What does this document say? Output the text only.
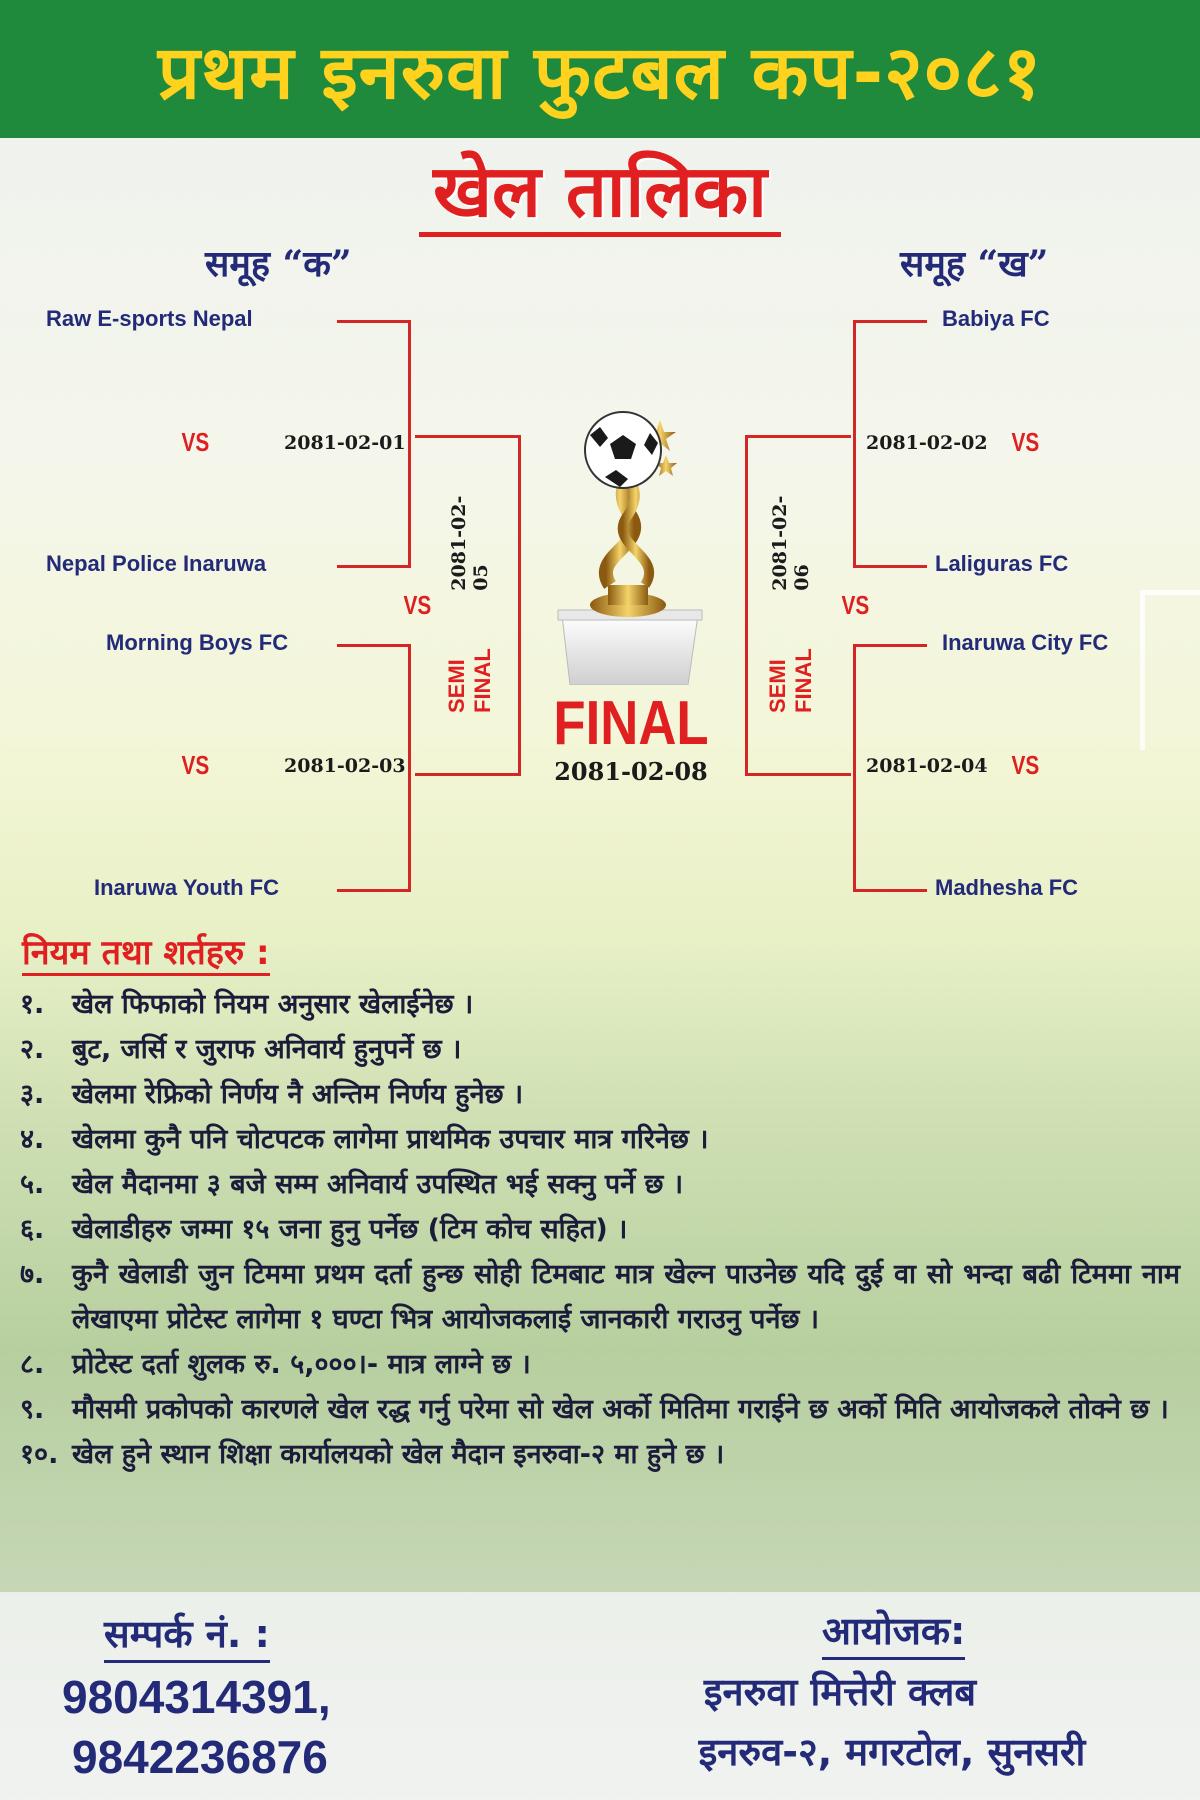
प्रथम इनरुवा फुटबल कप-२०८१
खेल तालिका
समूह “क”	समूह “ख”
Raw E-sports Nepal
Nepal Police Inaruwa
Morning Boys FC
Inaruwa Youth FC
VS
VS
VS
2081-02-01
2081-02-03
SEMI FINAL
2081-02-05
Babiya FC
Laliguras FC
Inaruwa City FC
Madhesha FC
VS
VS
VS
2081-02-02
2081-02-04
SEMI FINAL
2081-02-06
FINAL
2081-02-08
नियम तथा शर्तहरु :
१.	खेल फिफाको नियम अनुसार खेलाईनेछ ।
२.	बुट, जर्सि र जुराफ अनिवार्य हुनुपर्ने छ ।
३.	खेलमा रेफ्रिको निर्णय नै अन्तिम निर्णय हुनेछ ।
४.	खेलमा कुनै पनि चोटपटक लागेमा प्राथमिक उपचार मात्र गरिनेछ ।
५.	खेल मैदानमा ३ बजे सम्म अनिवार्य उपस्थित भई सक्नु पर्ने छ ।
६.	खेलाडीहरु जम्मा १५ जना हुनु पर्नेछ (टिम कोच सहित) ।
७.	कुनै खेलाडी जुन टिममा प्रथम दर्ता हुन्छ सोही टिमबाट मात्र खेल्न पाउनेछ यदि दुई वा सो भन्दा बढी टिममा नाम लेखाएमा प्रोटेस्ट लागेमा १ घण्टा भित्र आयोजकलाई जानकारी गराउनु पर्नेछ ।
८.	प्रोटेस्ट दर्ता शुलक रु. ५,०००।- मात्र लाग्ने छ ।
९.	मौसमी प्रकोपको कारणले खेल रद्ध गर्नु परेमा सो खेल अर्को मितिमा गराईने छ अर्को मिति आयोजकले तोक्ने छ ।
१०. खेल हुने स्थान शिक्षा कार्यालयको खेल मैदान इनरुवा-२ मा हुने छ ।
सम्पर्क नं. :
9804314391,
9842236876
आयोजक:
इनरुवा मित्तेरी क्लब
इनरुव-२, मगरटोल, सुनसरी
